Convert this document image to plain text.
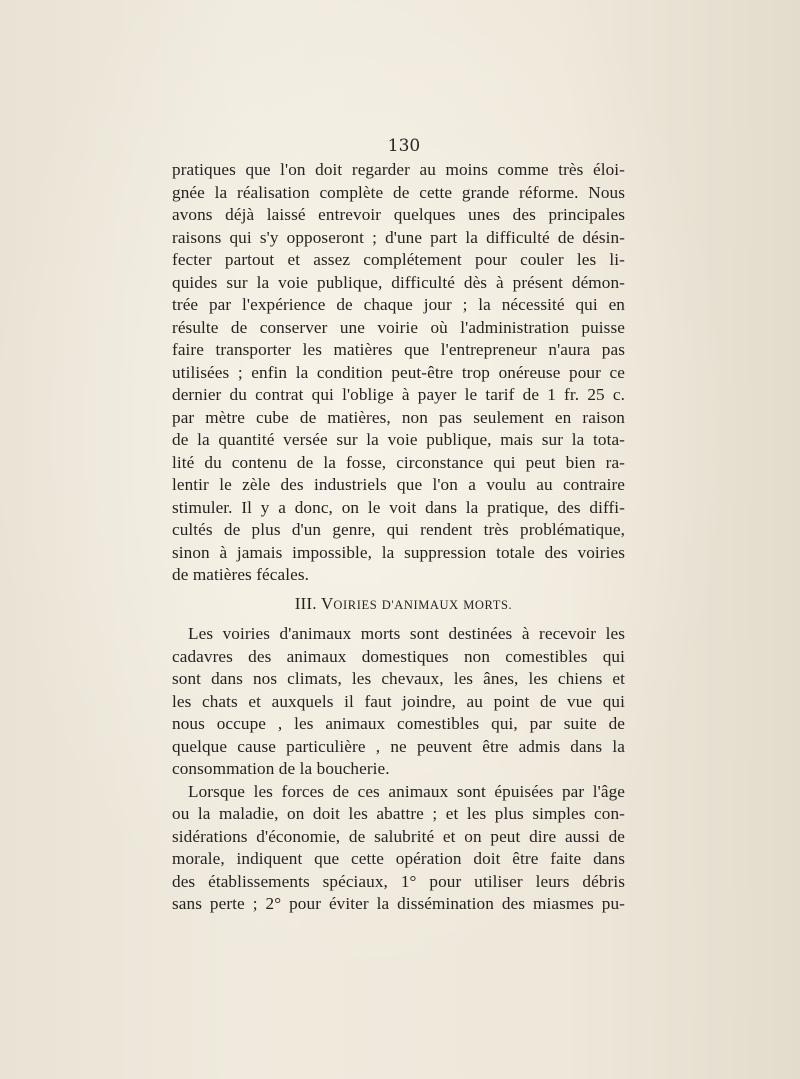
130
pratiques que l'on doit regarder au moins comme très éloi-
gnée la réalisation complète de cette grande réforme. Nous
avons déjà laissé entrevoir quelques unes des principales
raisons qui s'y opposeront ; d'une part la difficulté de désin-
fecter partout et assez complétement pour couler les li-
quides sur la voie publique, difficulté dès à présent démon-
trée par l'expérience de chaque jour ; la nécessité qui en
résulte de conserver une voirie où l'administration puisse
faire transporter les matières que l'entrepreneur n'aura pas
utilisées ; enfin la condition peut-être trop onéreuse pour ce
dernier du contrat qui l'oblige à payer le tarif de 1 fr. 25 c.
par mètre cube de matières, non pas seulement en raison
de la quantité versée sur la voie publique, mais sur la tota-
lité du contenu de la fosse, circonstance qui peut bien ra-
lentir le zèle des industriels que l'on a voulu au contraire
stimuler. Il y a donc, on le voit dans la pratique, des diffi-
cultés de plus d'un genre, qui rendent très problématique,
sinon à jamais impossible, la suppression totale des voiries
de matières fécales.
III. VOIRIES D'ANIMAUX MORTS.
Les voiries d'animaux morts sont destinées à recevoir les
cadavres des animaux domestiques non comestibles qui
sont dans nos climats, les chevaux, les ânes, les chiens et
les chats et auxquels il faut joindre, au point de vue qui
nous occupe , les animaux comestibles qui, par suite de
quelque cause particulière , ne peuvent être admis dans la
consommation de la boucherie.
Lorsque les forces de ces animaux sont épuisées par l'âge
ou la maladie, on doit les abattre ; et les plus simples con-
sidérations d'économie, de salubrité et on peut dire aussi de
morale, indiquent que cette opération doit être faite dans
des établissements spéciaux, 1° pour utiliser leurs débris
sans perte ; 2° pour éviter la dissémination des miasmes pu-
